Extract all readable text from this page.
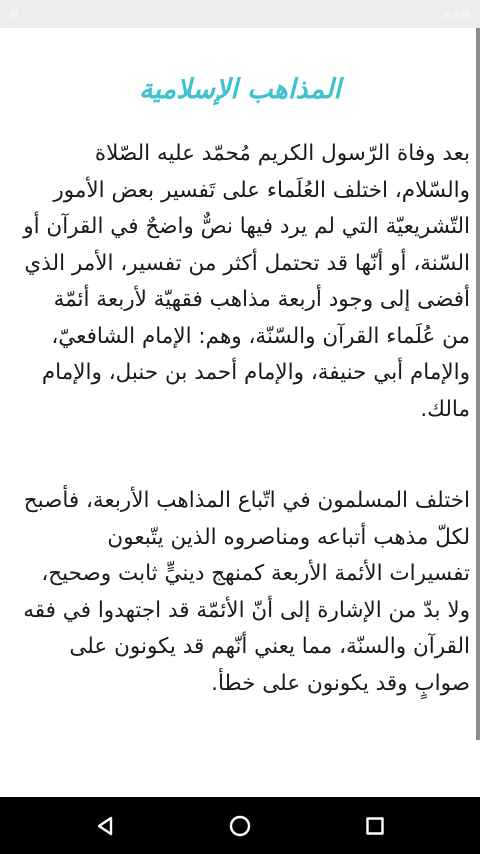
■	▲▲■
المذاهب الإسلامية
بعد وفاة الرّسول الكريم مُحمّد عليه الصّلاة والسّلام، اختلف العُلَماء على تَفسير بعض الأمور التّشريعيّة التي لم يرد فيها نصٌّ واضحٌ في القرآن أو السّنة، أو أنّها قد تحتمل أكثر من تفسير، الأمر الذي أفضى إلى وجود أربعة مذاهب فقهيّة لأربعة أئمّة من عُلَماء القرآن والسّنّة، وهم: الإمام الشافعيّ، والإمام أبي حنيفة، والإمام أحمد بن حنبل، والإمام مالك.
اختلف المسلمون في اتّباع المذاهب الأربعة، فأصبح لكلّ مذهب أتباعه ومناصروه الذين يتّبعون تفسيرات الأئمة الأربعة كمنهج دينيٍّ ثابت وصحيح، ولا بدّ من الإشارة إلى أنّ الأئمّة قد اجتهدوا في فقه القرآن والسنّة، مما يعني أنّهم قد يكونون على صوابٍ وقد يكونون على خطأ.
